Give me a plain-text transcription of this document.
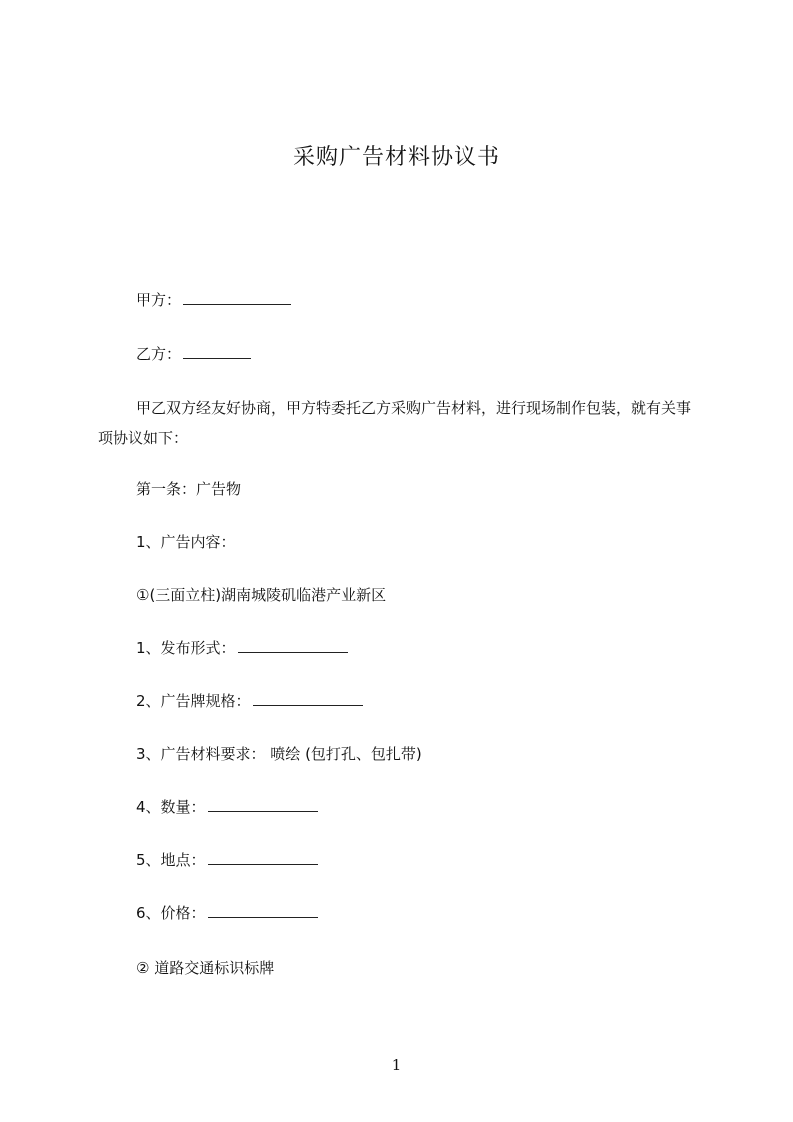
采购广告材料协议书
甲方：
乙方：

甲乙双方经友好协商，甲方特委托乙方采购广告材料，进行现场制作包装，就有关事项协议如下：

第一条：广告物
1、广告内容：
①(三面立柱)湖南城陵矶临港产业新区
1、发布形式：
2、广告牌规格：
3、广告材料要求： 喷绘 (包打孔、包扎带)
4、数量：
5、地点：
6、价格：
② 道路交通标识标牌
1
